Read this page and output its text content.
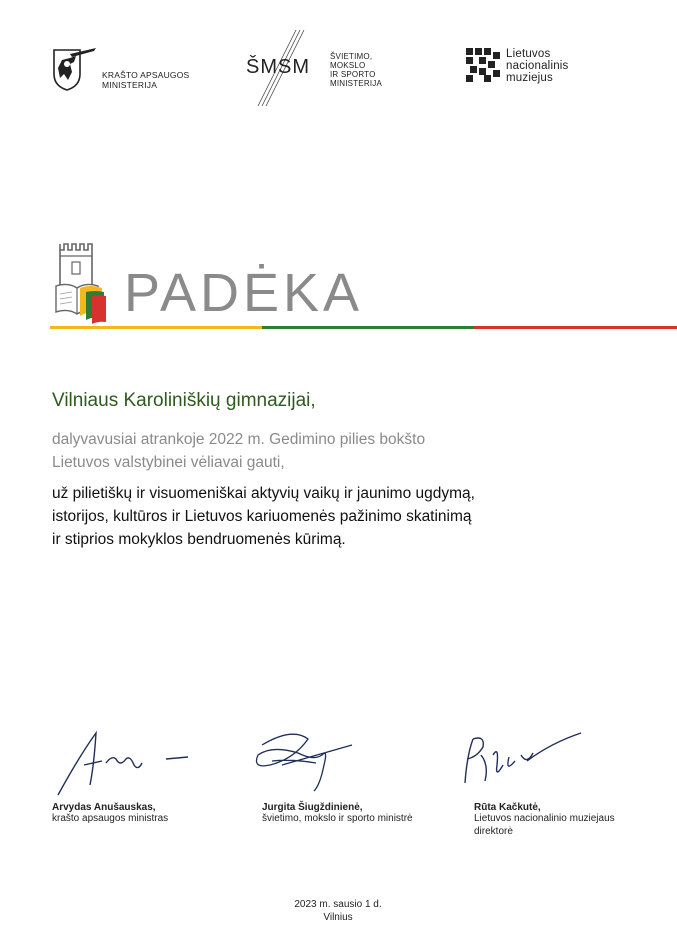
KRAŠTO APSAUGOS
MINISTERIJA
ŠMSM	ŠVIETIMO,
MOKSLO
IR SPORTO
MINISTERIJA
Lietuvos
nacionalinis
muziejus
PADĖKA
Vilniaus Karoliniškių gimnazijai,
dalyvavusiai atrankoje 2022 m. Gedimino pilies bokšto
Lietuvos valstybinei vėliavai gauti,
už pilietiškų ir visuomeniškai aktyvių vaikų ir jaunimo ugdymą,
istorijos, kultūros ir Lietuvos kariuomenės pažinimo skatinimą
ir stiprios mokyklos bendruomenės kūrimą.
Arvydas Anušauskas,
krašto apsaugos ministras
Jurgita Šiugždinienė,
švietimo, mokslo ir sporto ministrė
Rūta Kačkutė,
Lietuvos nacionalinio muziejaus
direktorė
2023 m. sausio 1 d.
Vilnius
